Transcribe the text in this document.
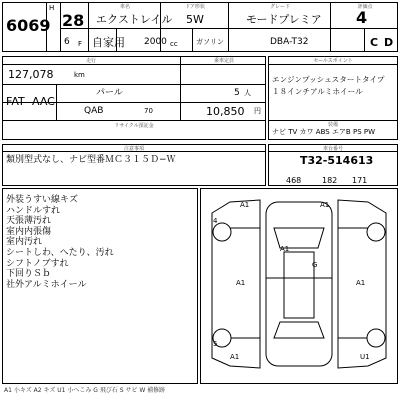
車名	ドア形状	グレード	評価点
6069
H
28 エクストレイル 5W	モードプレミア 4
6 F 自家用 2000 cc	ガソリン	DBA-T32	C D
走行	乗車定員
リサイクル預託金
127,078	km
パール	5 人
FAT AAC
QAB	70	10,850 円
セールスポイント
エンジンプッシュスタートタイプ
１８インチアルミホイール
装備
ナビ TV カワ ABS エアB PS PW
注意事項
類別型式なし、ナビ型番ＭＣ３１５Ｄ−Ｗ
車台番号
T32-514613
468	182 171
外装うすい線キズ
ハンドルすれ
天張薄汚れ
室内内張傷
室内汚れ
シートしわ、へたり、汚れ
シフトノブすれ
下回りＳｂ
社外アルミホイール
4
5
A1	A1
A1
G
A1	A1
A1	U1
A1 小キズ A2 キズ U1 小へこみ G 飛び石 S サビ W 補修跡
